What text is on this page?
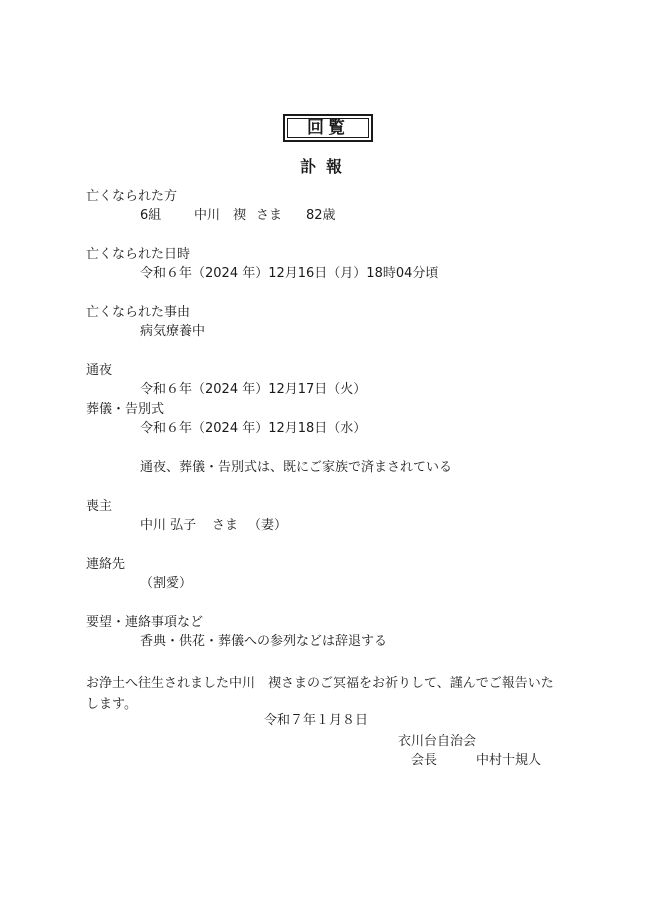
回覧
訃報
亡くなられた方
6組	中川　禊 さま 82歳
亡くなられた日時
令和６年（2024 年）12月16日（月）18時04分頃
亡くなられた事由
病気療養中
通夜
令和６年（2024 年）12月17日（火）
葬儀・告別式
令和６年（2024 年）12月18日（水）
通夜、葬儀・告別式は、既にご家族で済まされている
喪主
中川 弘子 さま （妻）
連絡先
（割愛）
要望・連絡事項など
香典・供花・葬儀への参列などは辞退する
お浄土へ往生されました中川　禊さまのご冥福をお祈りして、謹んでご報告いたします。
令和７年１月８日
衣川台自治会
会長	中村十規人
